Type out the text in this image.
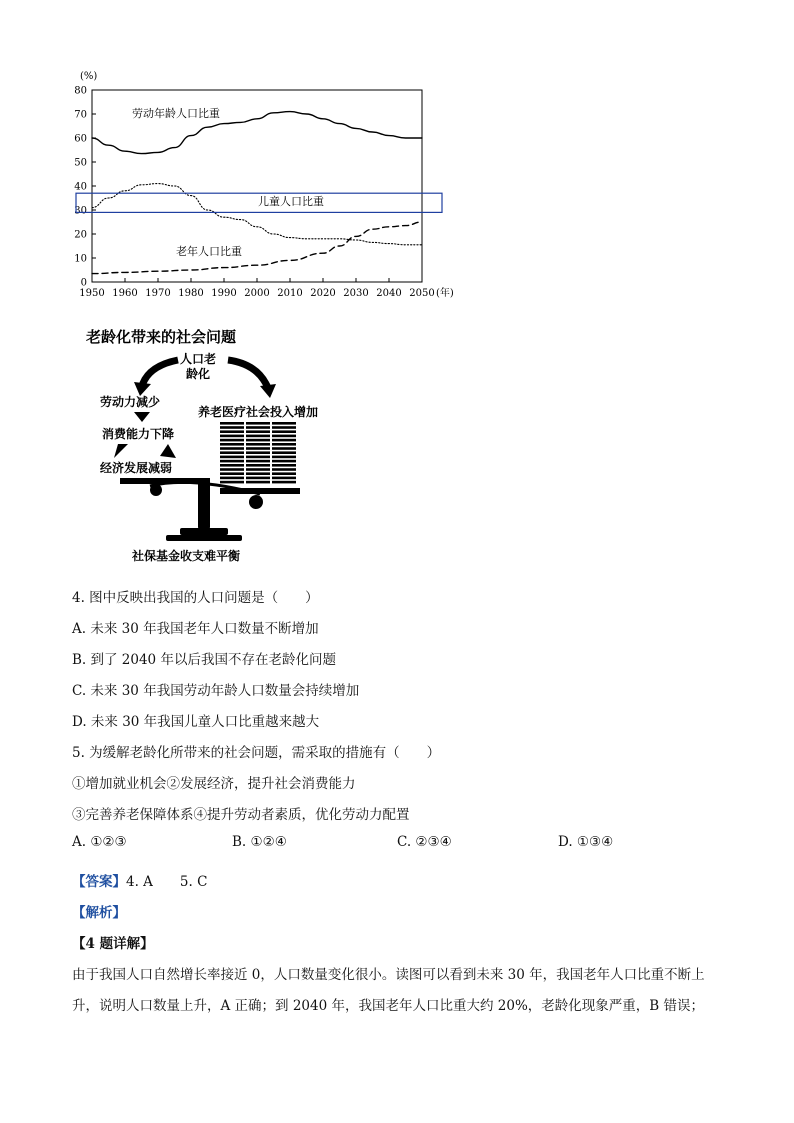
(%)
(年)
0
10
20
30
40
50
60
70
80
1950 1960 1970 1980 1990 2000 2010 2020 2030 2040 2050
劳动年龄人口比重
儿童人口比重
老年人口比重
老龄化带来的社会问题
人口老
龄化
劳动力减少
消费能力下降
经济发展减弱
养老医疗社会投入增加
社保基金收支难平衡
4. 图中反映出我国的人口问题是（　　）
A. 未来 30 年我国老年人口数量不断增加
B. 到了 2040 年以后我国不存在老龄化问题
C. 未来 30 年我国劳动年龄人口数量会持续增加
D. 未来 30 年我国儿童人口比重越来越大
5. 为缓解老龄化所带来的社会问题，需采取的措施有（　　）
①增加就业机会②发展经济，提升社会消费能力
③完善养老保障体系④提升劳动者素质，优化劳动力配置
A. ①②③	B. ①②④	C. ②③④	D. ①③④
【答案】4. A　　5. C
【解析】
【4 题详解】
由于我国人口自然增长率接近 0，人口数量变化很小。读图可以看到未来 30 年，我国老年人口比重不断上
升，说明人口数量上升，A 正确；到 2040 年，我国老年人口比重大约 20%，老龄化现象严重，B 错误；
